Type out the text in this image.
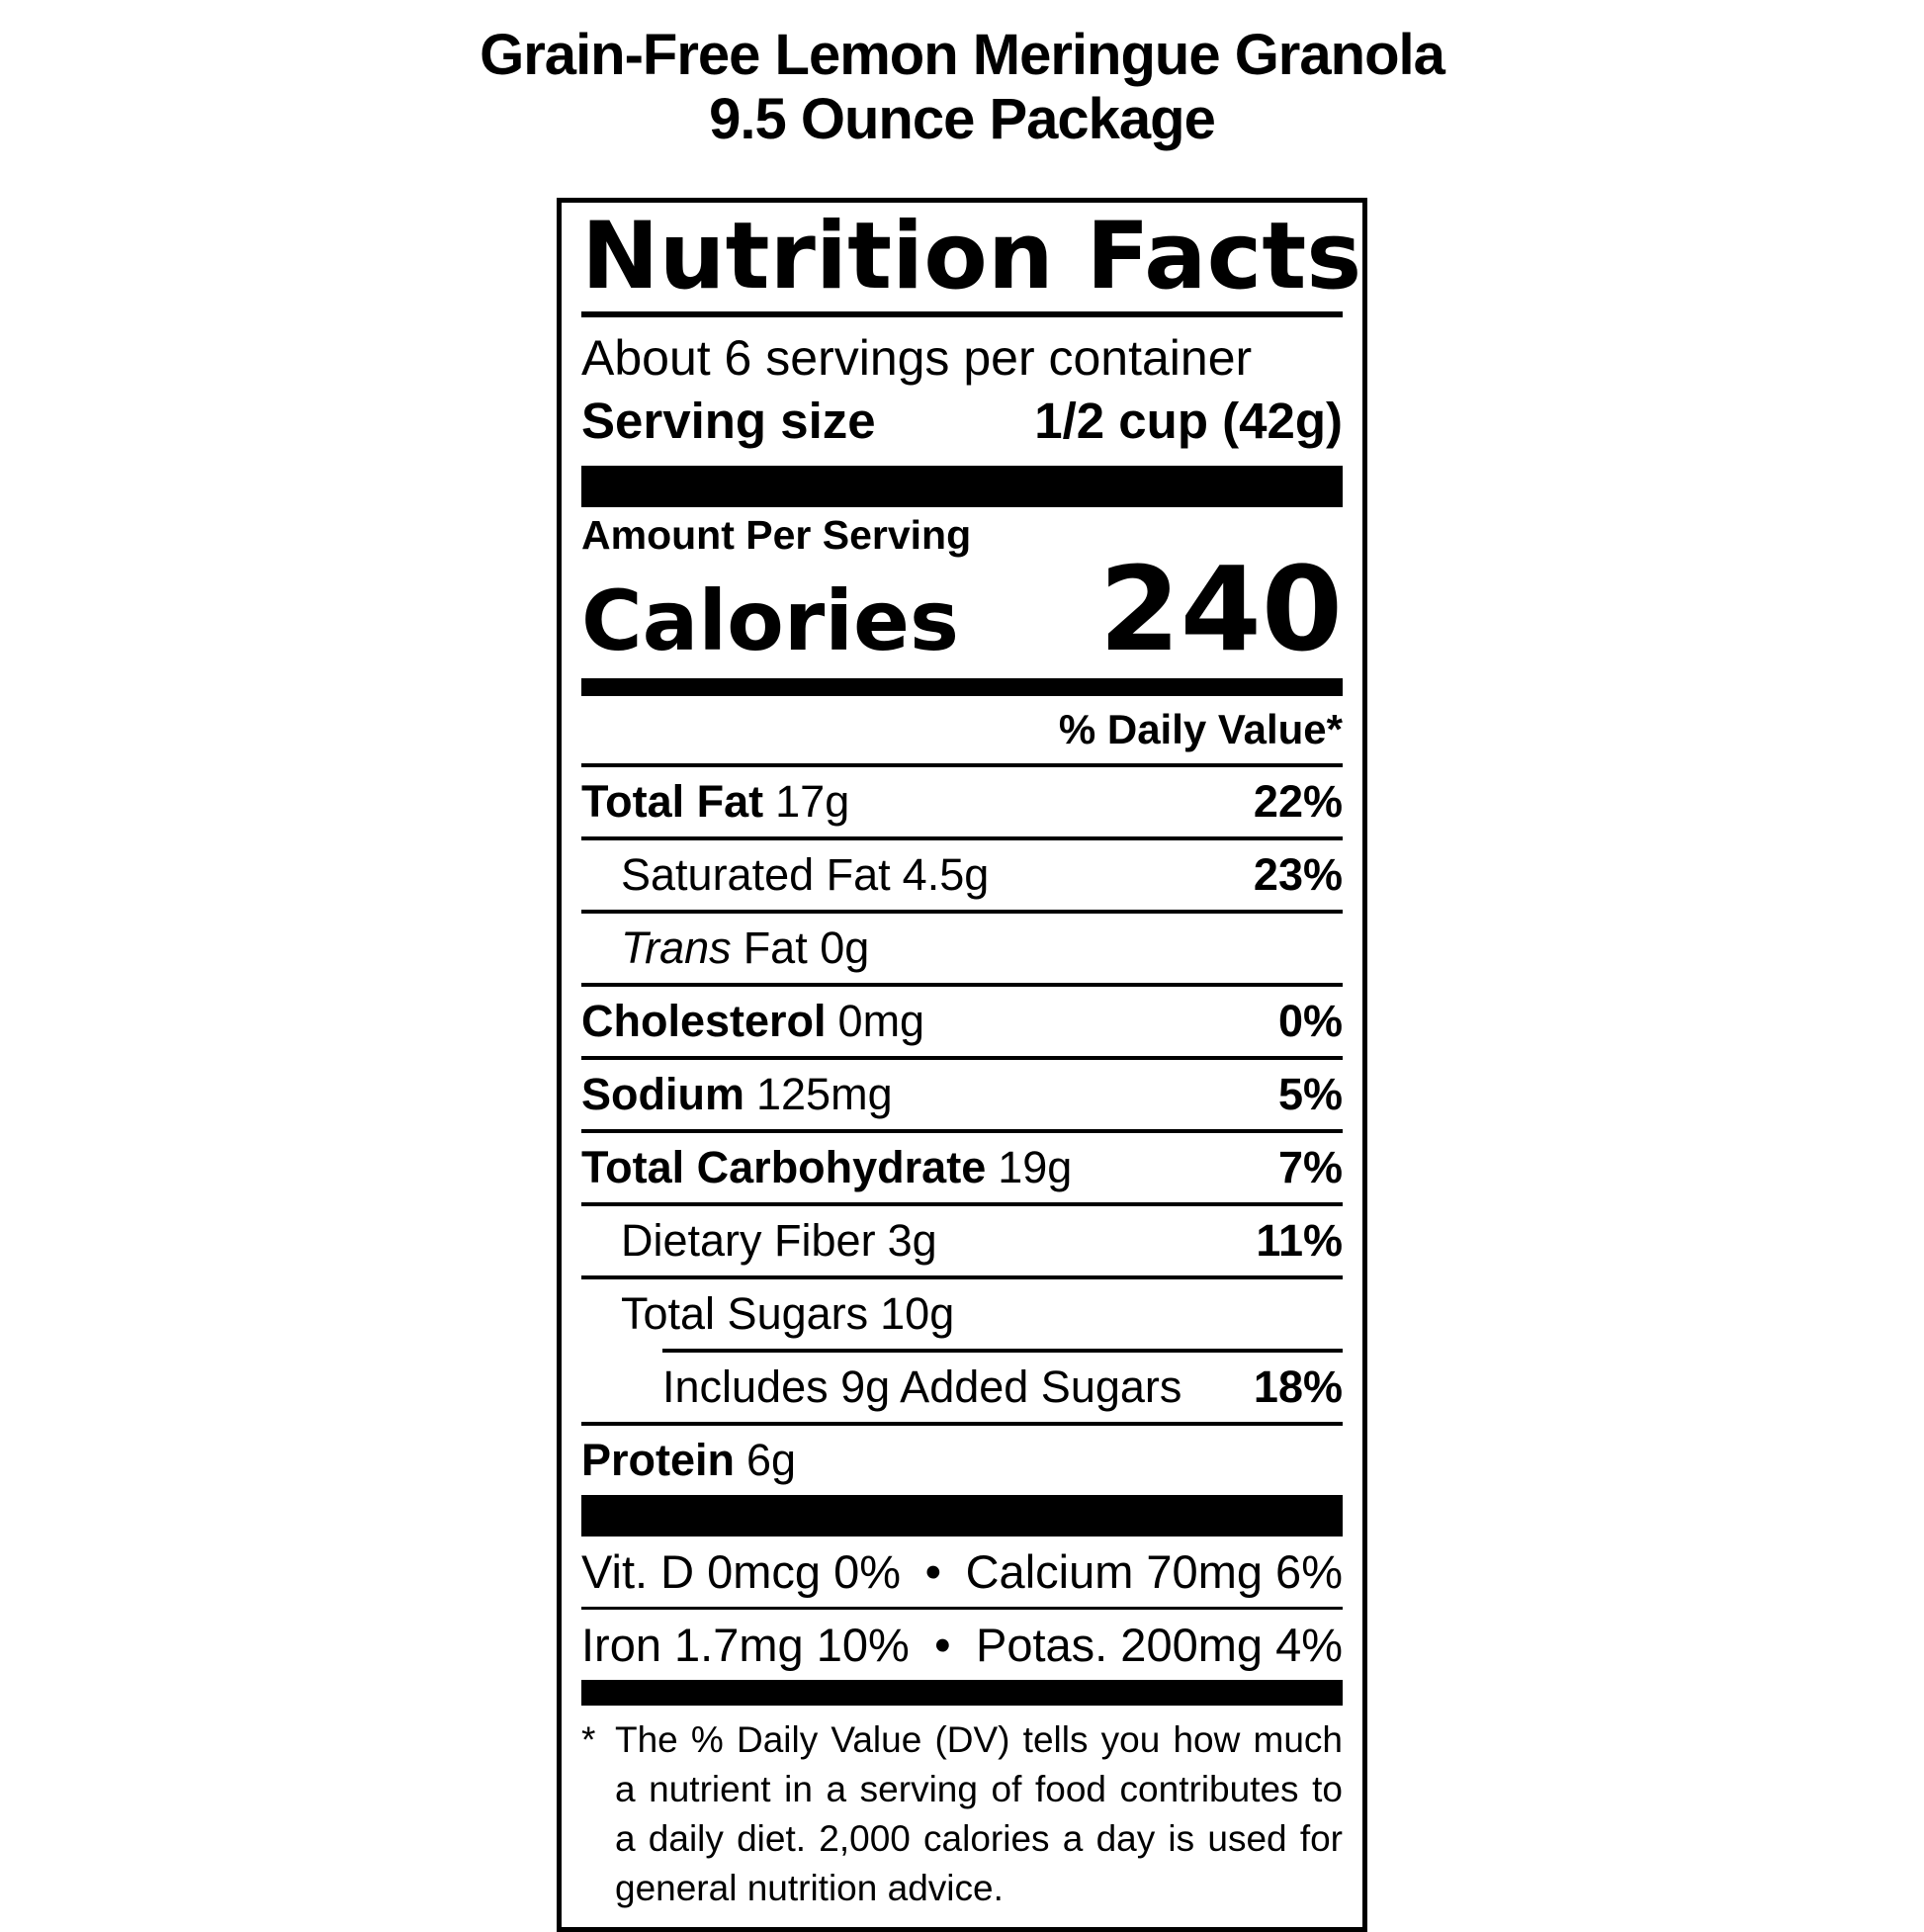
Grain-Free Lemon Meringue Granola
9.5 Ounce Package
Nutrition Facts
About 6 servings per container
Serving size	1/2 cup (42g)
Amount Per Serving
Calories 240
% Daily Value*
Total Fat 17g	22%
Saturated Fat 4.5g	23%
Trans Fat 0g
Cholesterol 0mg	0%
Sodium 125mg	5%
Total Carbohydrate 19g	7%
Dietary Fiber 3g	11%
Total Sugars 10g
Includes 9g Added Sugars 18%
Protein 6g
Vit. D 0mcg 0% • Calcium 70mg 6%
Iron 1.7mg 10% • Potas. 200mg 4%
* The % Daily Value (DV) tells you how much a nutrient in a serving of food contributes to a daily diet. 2,000 calories a day is used for general nutrition advice.
